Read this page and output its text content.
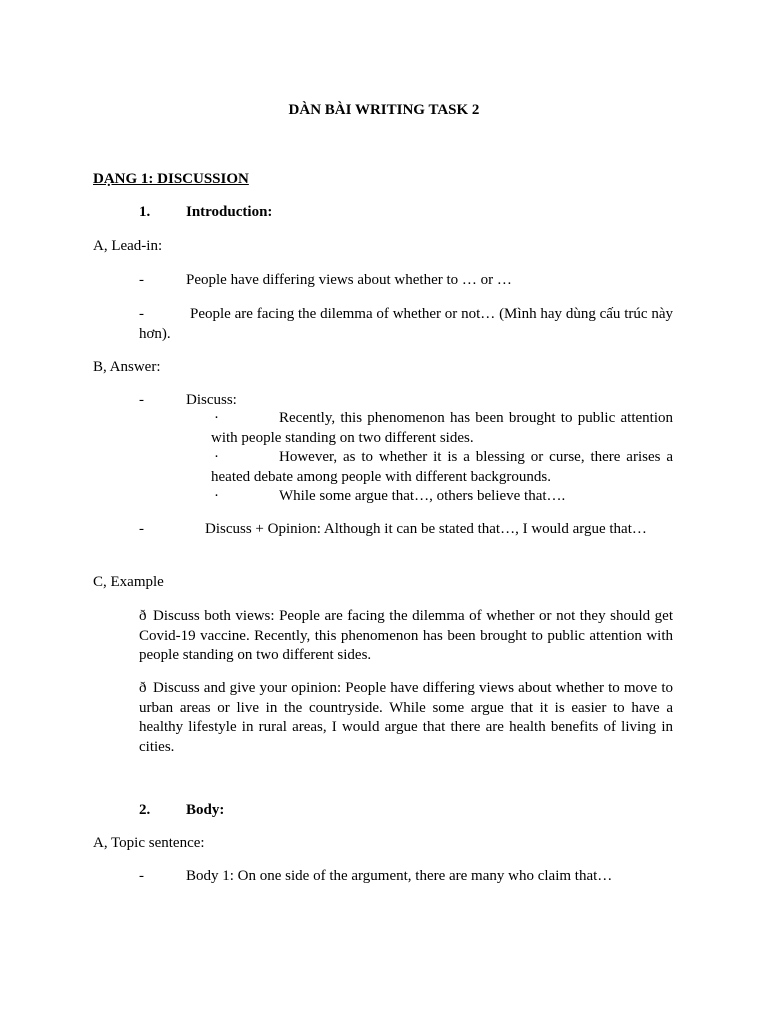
DÀN BÀI WRITING TASK 2
DẠNG 1: DISCUSSION
1. Introduction:
A, Lead-in:
-	People have differing views about whether to … or …
-	People are facing the dilemma of whether or not… (Mình hay dùng cấu trúc này hơn).
B, Answer:
-	Discuss:
·	Recently, this phenomenon has been brought to public attention with people standing on two different sides.
·	However, as to whether it is a blessing or curse, there arises a heated debate among people with different backgrounds.
·	While some argue that…, others believe that….
-	Discuss + Opinion: Although it can be stated that…, I would argue that…
C, Example
ð Discuss both views: People are facing the dilemma of whether or not they should get Covid-19 vaccine. Recently, this phenomenon has been brought to public attention with people standing on two different sides.
ð Discuss and give your opinion: People have differing views about whether to move to urban areas or live in the countryside. While some argue that it is easier to have a healthy lifestyle in rural areas, I would argue that there are health benefits of living in cities.
2. Body:
A, Topic sentence:
-	Body 1: On one side of the argument, there are many who claim that…
